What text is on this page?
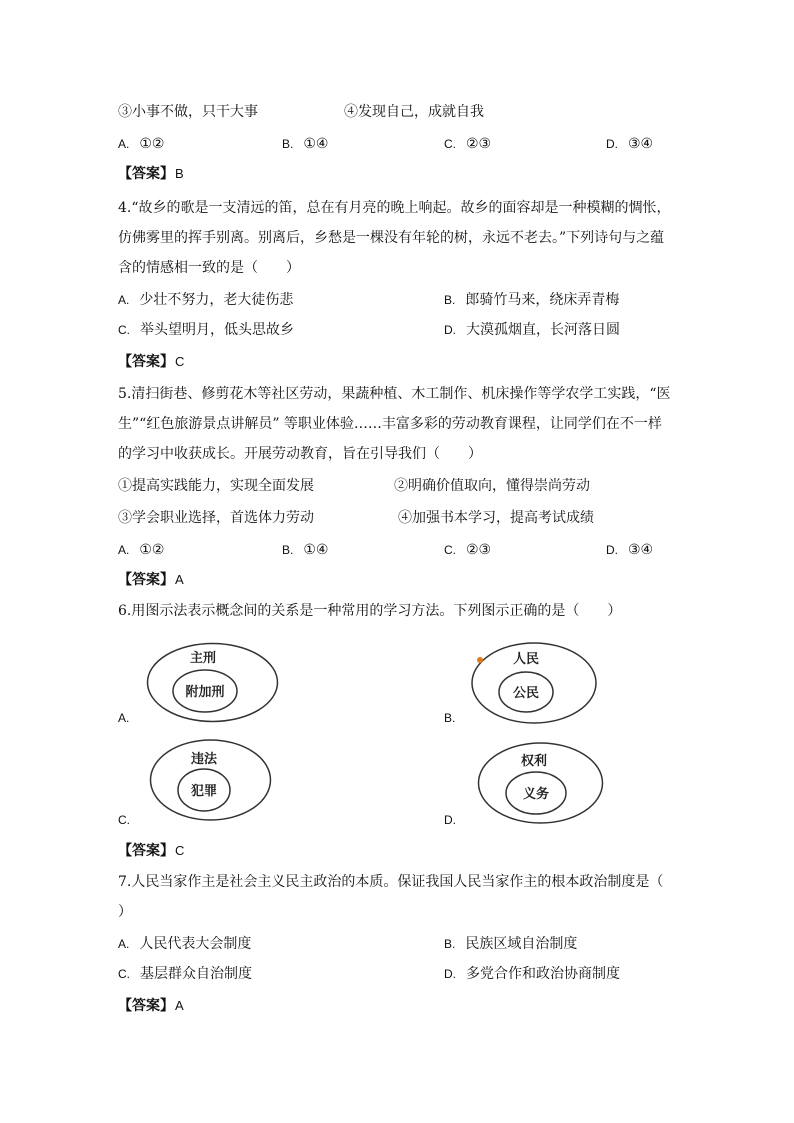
③小事不做，只干大事	④发现自己，成就自我
A. ①②	B. ①④	C. ②③	D. ③④
【答案】B
4.“故乡的歌是一支清远的笛，总在有月亮的晚上响起。故乡的面容却是一种模糊的惆怅，
仿佛雾里的挥手别离。别离后，乡愁是一棵没有年轮的树，永远不老去。”下列诗句与之蕴
含的情感相一致的是（　　）
A. 少壮不努力，老大徒伤悲	B. 郎骑竹马来，绕床弄青梅
C. 举头望明月，低头思故乡	D. 大漠孤烟直，长河落日圆
【答案】C
5.清扫街巷、修剪花木等社区劳动，果蔬种植、木工制作、机床操作等学农学工实践，“医
生”“红色旅游景点讲解员” 等职业体验……丰富多彩的劳动教育课程，让同学们在不一样
的学习中收获成长。开展劳动教育，旨在引导我们（　　）
①提高实践能力，实现全面发展	②明确价值取向，懂得崇尚劳动
③学会职业选择，首选体力劳动	④加强书本学习，提高考试成绩
A. ①②	B. ①④	C. ②③	D. ③④
【答案】A
6.用图示法表示概念间的关系是一种常用的学习方法。下列图示正确的是（　　）
主刑
附加刑
A.
人民
公民
B.
违法
犯罪
C.
权利
义务
D.
【答案】C
7.人民当家作主是社会主义民主政治的本质。保证我国人民当家作主的根本政治制度是（
）
A. 人民代表大会制度	B. 民族区域自治制度
C. 基层群众自治制度	D. 多党合作和政治协商制度
【答案】A
